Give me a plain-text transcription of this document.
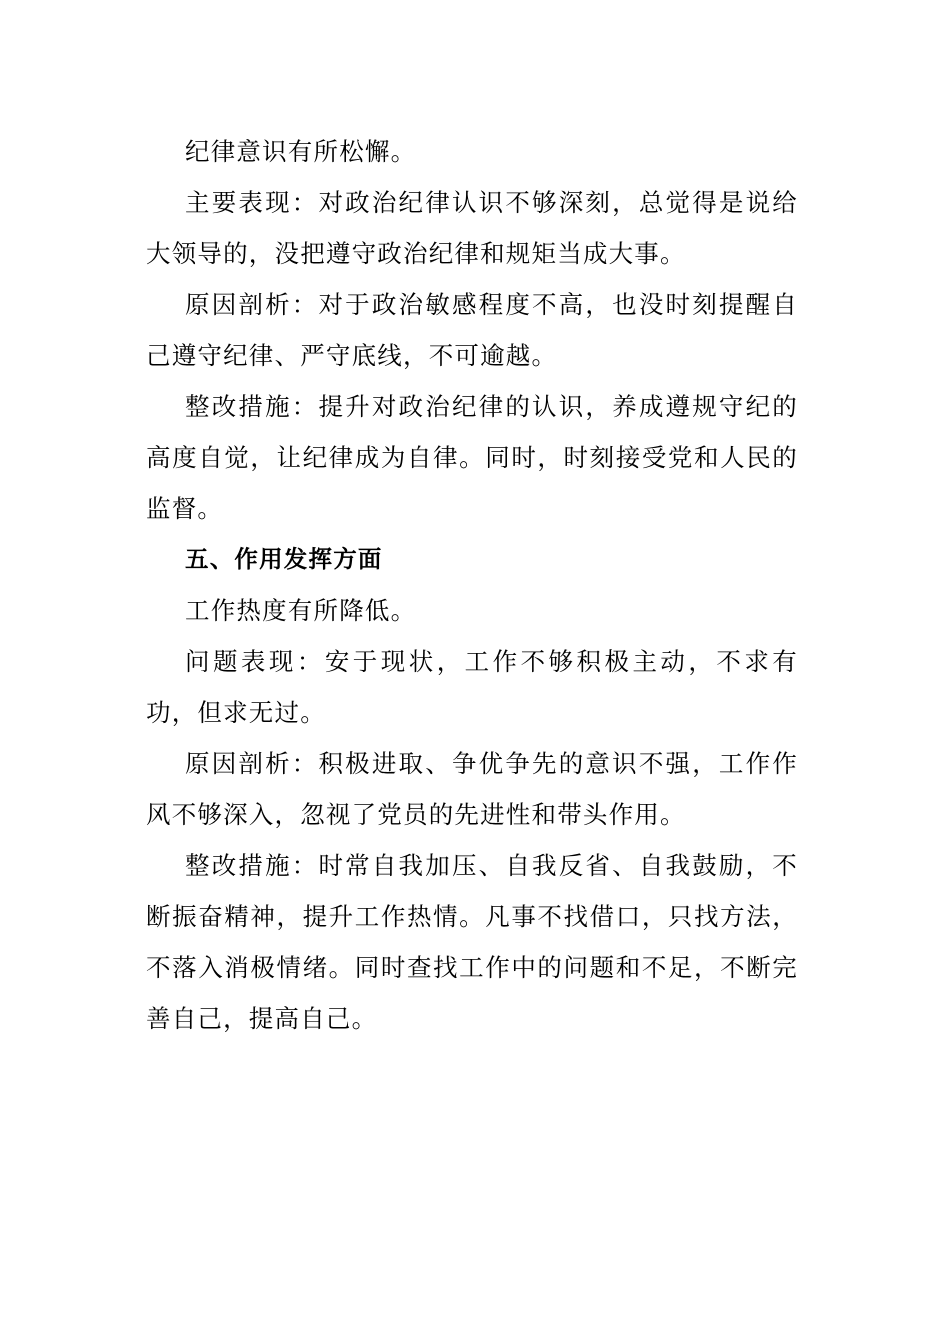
纪律意识有所松懈。

主要表现：对政治纪律认识不够深刻，总觉得是说给大领导的，没把遵守政治纪律和规矩当成大事。

原因剖析：对于政治敏感程度不高，也没时刻提醒自己遵守纪律、严守底线，不可逾越。

整改措施：提升对政治纪律的认识，养成遵规守纪的高度自觉，让纪律成为自律。同时，时刻接受党和人民的监督。

五、作用发挥方面

工作热度有所降低。

问题表现：安于现状，工作不够积极主动，不求有功，但求无过。

原因剖析：积极进取、争优争先的意识不强，工作作风不够深入，忽视了党员的先进性和带头作用。

整改措施：时常自我加压、自我反省、自我鼓励，不断振奋精神，提升工作热情。凡事不找借口，只找方法，不落入消极情绪。同时查找工作中的问题和不足，不断完善自己，提高自己。
